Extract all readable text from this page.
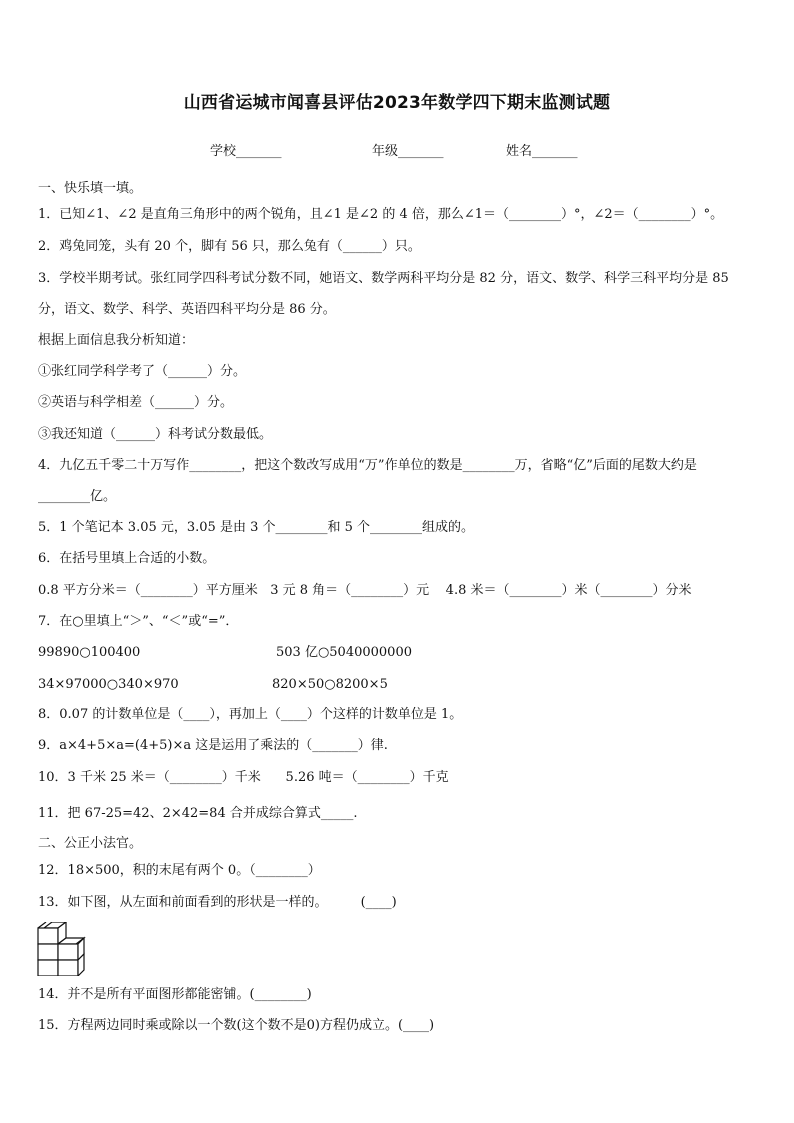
山西省运城市闻喜县评估2023年数学四下期末监测试题
学校_______	年级_______	姓名_______
一、快乐填一填。
1．已知∠1、∠2 是直角三角形中的两个锐角，且∠1 是∠2 的 4 倍，那么∠1＝（________）°，∠2＝（________）°。
2．鸡兔同笼，头有 20 个，脚有 56 只，那么兔有（______）只。
3．学校半期考试。张红同学四科考试分数不同，她语文、数学两科平均分是 82 分，语文、数学、科学三科平均分是 85
分，语文、数学、科学、英语四科平均分是 86 分。
根据上面信息我分析知道：
①张红同学科学考了（______）分。
②英语与科学相差（______）分。
③我还知道（______）科考试分数最低。
4．九亿五千零二十万写作________，把这个数改写成用“万”作单位的数是________万，省略“亿”后面的尾数大约是
________亿。
5．1 个笔记本 3.05 元，3.05 是由 3 个________和 5 个________组成的。
6．在括号里填上合适的小数。
0.8 平方分米＝（________）平方厘米   3 元 8 角＝（________）元    4.8 米＝（________）米（________）分米
7．在○里填上“＞”、“＜”或“=”．
99890○100400	503 亿○5040000000
34×97000○340×970	820×50○8200×5
8．0.07 的计数单位是（____），再加上（____）个这样的计数单位是 1。
9．a×4+5×a=(4+5)×a 这是运用了乘法的（_______）律.
10．3 千米 25 米＝（________）千米      5.26 吨＝（________）千克
11．把 67-25=42、2×42=84 合并成综合算式_____.
二、公正小法官。
12．18×500，积的末尾有两个 0。（________）
13．如下图，从左面和前面看到的形状是一样的。        (____)
14．并不是所有平面图形都能密铺。(________)
15．方程两边同时乘或除以一个数(这个数不是0)方程仍成立。(____)
